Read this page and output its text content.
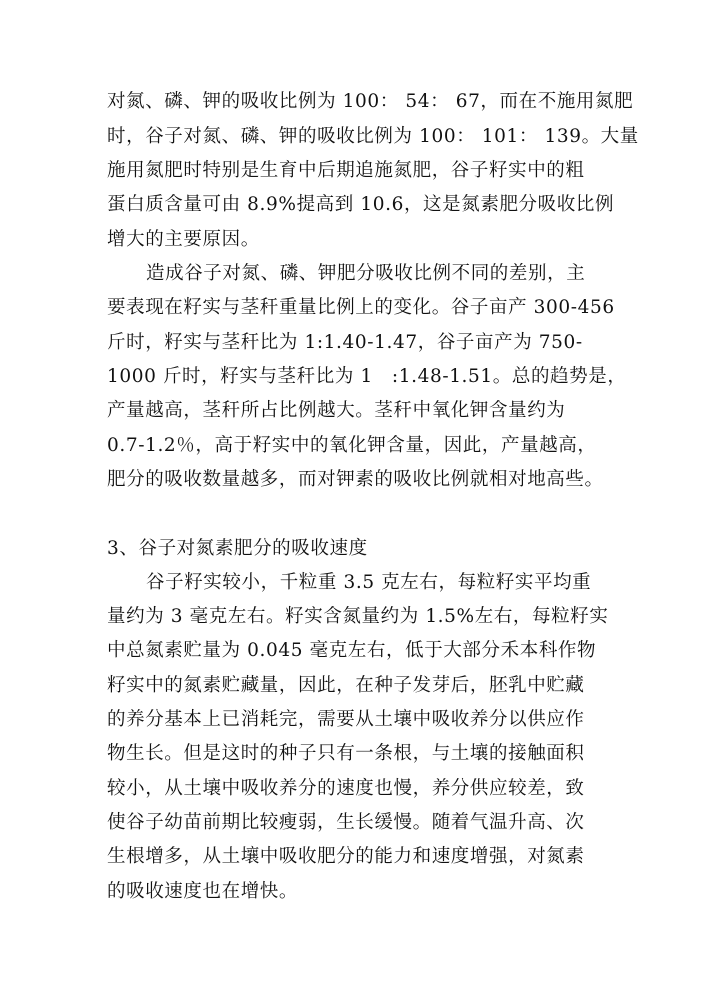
对氮、磷、钾的吸收比例为 100： 54： 67，而在不施用氮肥
时，谷子对氮、磷、钾的吸收比例为 100： 101： 139。大量
施用氮肥时特别是生育中后期追施氮肥，谷子籽实中的粗
蛋白质含量可由 8.9%提高到 10.6，这是氮素肥分吸收比例
增大的主要原因。
造成谷子对氮、磷、钾肥分吸收比例不同的差别，主
要表现在籽实与茎秆重量比例上的变化。谷子亩产 300-456
斤时，籽实与茎秆比为 1:1.40-1.47，谷子亩产为 750-
1000 斤时，籽实与茎秆比为 1　:1.48-1.51。总的趋势是，
产量越高，茎秆所占比例越大。茎秆中氧化钾含量约为
0.7-1.2％，高于籽实中的氧化钾含量，因此，产量越高，
肥分的吸收数量越多，而对钾素的吸收比例就相对地高些。
3、谷子对氮素肥分的吸收速度
谷子籽实较小，千粒重 3.5 克左右，每粒籽实平均重
量约为 3 毫克左右。籽实含氮量约为 1.5%左右，每粒籽实
中总氮素贮量为 0.045 毫克左右，低于大部分禾本科作物
籽实中的氮素贮藏量，因此，在种子发芽后，胚乳中贮藏
的养分基本上已消耗完，需要从土壤中吸收养分以供应作
物生长。但是这时的种子只有一条根，与土壤的接触面积
较小，从土壤中吸收养分的速度也慢，养分供应较差，致
使谷子幼苗前期比较瘦弱，生长缓慢。随着气温升高、次
生根增多，从土壤中吸收肥分的能力和速度增强，对氮素
的吸收速度也在增快。
